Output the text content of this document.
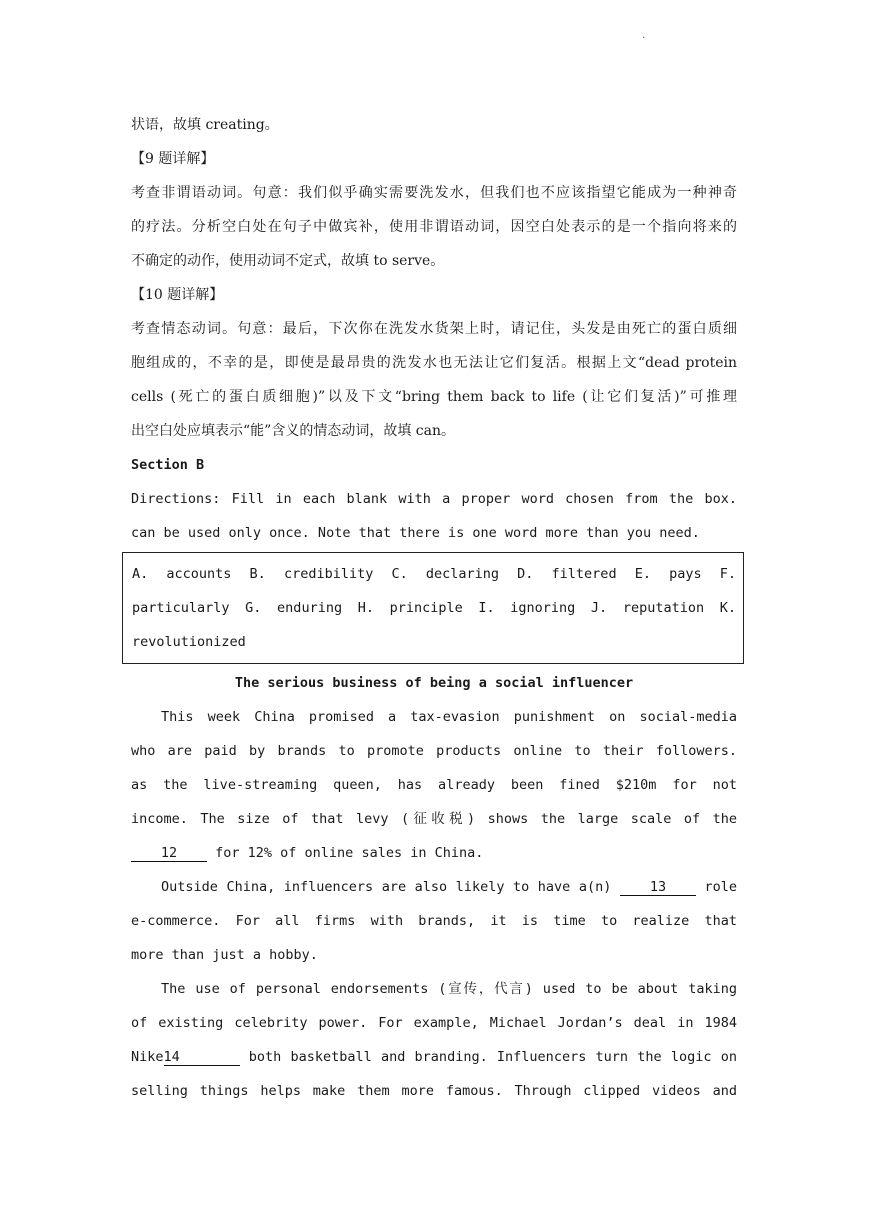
.
状语，故填 creating。
【9 题详解】
考查非谓语动词。句意：我们似乎确实需要洗发水，但我们也不应该指望它能成为一种神奇
的疗法。分析空白处在句子中做宾补，使用非谓语动词，因空白处表示的是一个指向将来的
不确定的动作，使用动词不定式，故填 to serve。
【10 题详解】
考查情态动词。句意：最后，下次你在洗发水货架上时，请记住，头发是由死亡的蛋白质细
胞组成的，不幸的是，即使是最昂贵的洗发水也无法让它们复活。根据上文“dead protein
cells (死亡的蛋白质细胞)”以及下文“bring them back to life (让它们复活)”可推理
出空白处应填表示“能”含义的情态动词，故填 can。
Section B
Directions: Fill in each blank with a proper word chosen from the box.
can be used only once. Note that there is one word more than you need.
A. accounts B. credibility C. declaring D. filtered E. pays F.
particularly G. enduring H. principle I. ignoring J. reputation K.
revolutionized
The serious business of being a social influencer
This week China promised a tax-evasion punishment on social-media
who are paid by brands to promote products online to their followers.
as the live-streaming queen, has already been fined $210m for not
income. The size of that levy (征收税) shows the large scale of the
12	for 12% of online sales in China.
Outside China, influencers are also likely to have a(n)	13	role
e-commerce. For all firms with brands, it is time to realize that
more than just a hobby.
The use of personal endorsements (宣传，代言) used to be about taking
of existing celebrity power. For example, Michael Jordan’s deal in 1984
Nike14	both basketball and branding. Influencers turn the logic on
selling things helps make them more famous. Through clipped videos and
